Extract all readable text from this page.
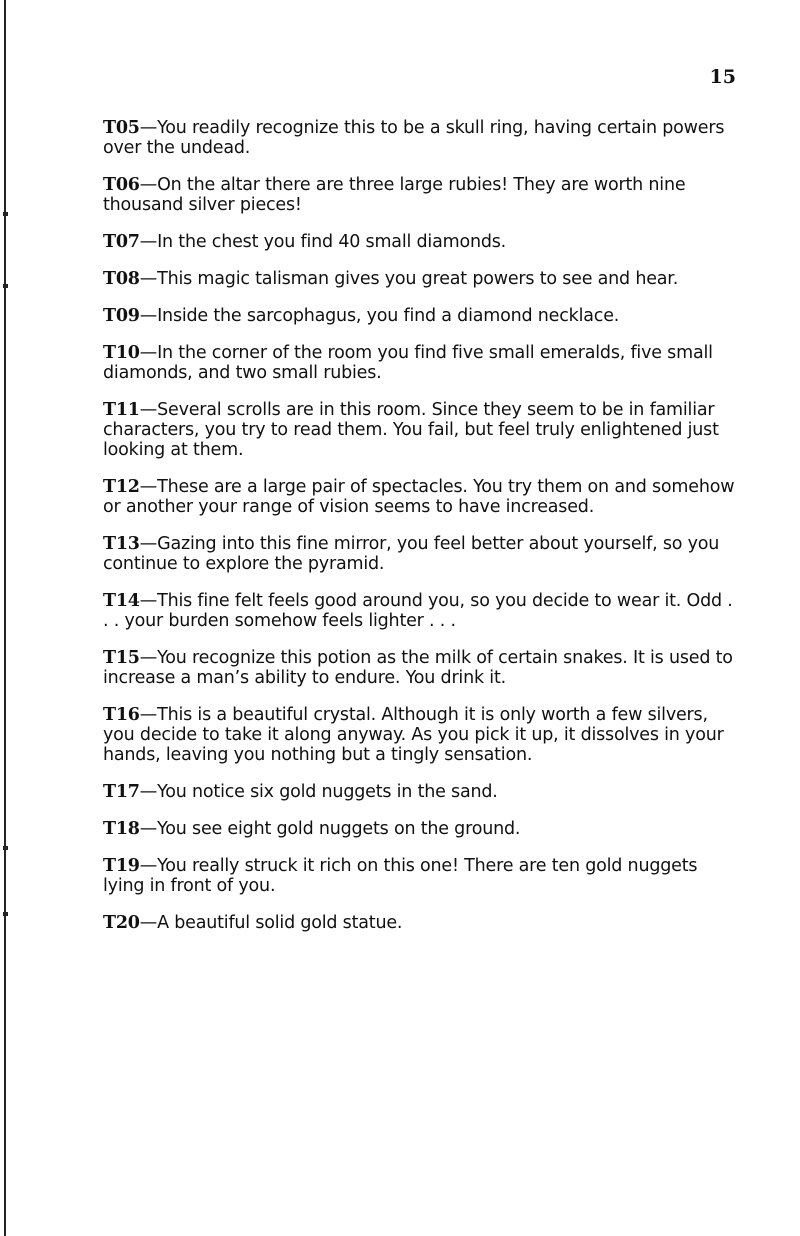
15

T05—You readily recognize this to be a skull ring, having certain powers over the undead.

T06—On the altar there are three large rubies! They are worth nine thousand silver pieces!

T07—In the chest you find 40 small diamonds.

T08—This magic talisman gives you great powers to see and hear.

T09—Inside the sarcophagus, you find a diamond necklace.

T10—In the corner of the room you find five small emeralds, five small diamonds, and two small rubies.

T11—Several scrolls are in this room. Since they seem to be in familiar characters, you try to read them. You fail, but feel truly enlightened just looking at them.

T12—These are a large pair of spectacles. You try them on and somehow or another your range of vision seems to have increased.

T13—Gazing into this fine mirror, you feel better about yourself, so you continue to explore the pyramid.

T14—This fine felt feels good around you, so you decide to wear it. Odd . . . your burden somehow feels lighter . . .

T15—You recognize this potion as the milk of certain snakes. It is used to increase a man’s ability to endure. You drink it.

T16—This is a beautiful crystal. Although it is only worth a few silvers, you decide to take it along anyway. As you pick it up, it dissolves in your hands, leaving you nothing but a tingly sensation.

T17—You notice six gold nuggets in the sand.

T18—You see eight gold nuggets on the ground.

T19—You really struck it rich on this one! There are ten gold nuggets lying in front of you.

T20—A beautiful solid gold statue.
